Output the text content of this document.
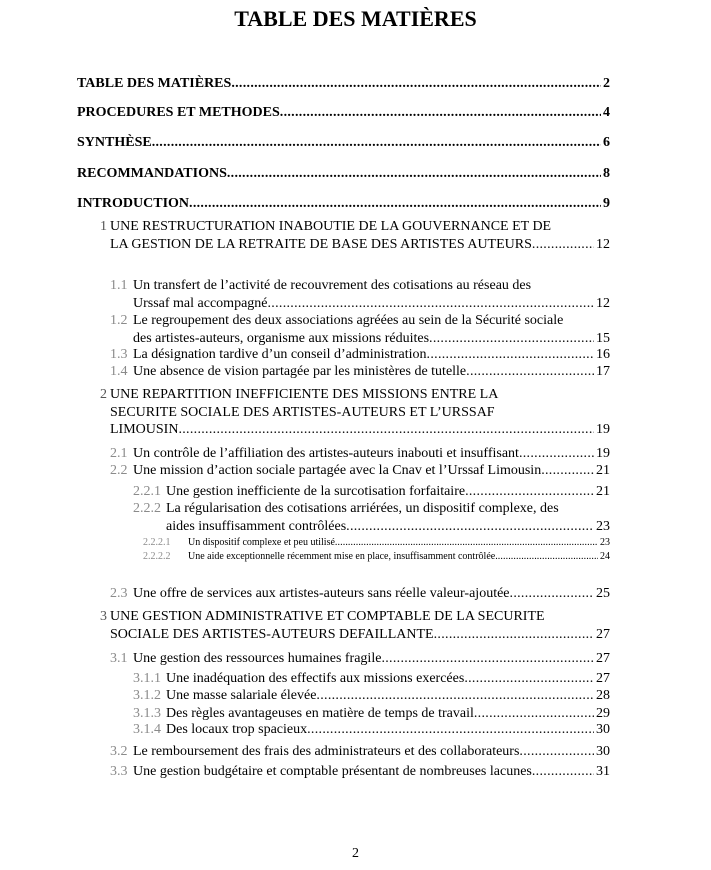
TABLE DES MATIÈRES
TABLE DES MATIÈRES	2
PROCEDURES ET METHODES	4
SYNTHÈSE	6
RECOMMANDATIONS	8
INTRODUCTION	9
1 UNE RESTRUCTURATION INABOUTIE DE LA GOUVERNANCE ET DE LA GESTION DE LA RETRAITE DE BASE DES ARTISTES AUTEURS	12
1.1 Un transfert de l’activité de recouvrement des cotisations au réseau des Urssaf mal accompagné	12
1.2 Le regroupement des deux associations agréées au sein de la Sécurité sociale des artistes-auteurs, organisme aux missions réduites	15
1.3 La désignation tardive d’un conseil d’administration	16
1.4 Une absence de vision partagée par les ministères de tutelle	17
2 UNE REPARTITION INEFFICIENTE DES MISSIONS ENTRE LA SECURITE SOCIALE DES ARTISTES-AUTEURS ET L’URSSAF LIMOUSIN	19
2.1 Un contrôle de l’affiliation des artistes-auteurs inabouti et insuffisant	19
2.2 Une mission d’action sociale partagée avec la Cnav et l’Urssaf Limousin	21
2.2.1 Une gestion inefficiente de la surcotisation forfaitaire	21
2.2.2 La régularisation des cotisations arriérées, un dispositif complexe, des aides insuffisamment contrôlées	23
2.2.2.1 Un dispositif complexe et peu utilisé	23
2.2.2.2 Une aide exceptionnelle récemment mise en place, insuffisamment contrôlée	24
2.3 Une offre de services aux artistes-auteurs sans réelle valeur-ajoutée	25
3 UNE GESTION ADMINISTRATIVE ET COMPTABLE DE LA SECURITE SOCIALE DES ARTISTES-AUTEURS DEFAILLANTE	27
3.1 Une gestion des ressources humaines fragile	27
3.1.1 Une inadéquation des effectifs aux missions exercées	27
3.1.2 Une masse salariale élevée	28
3.1.3 Des règles avantageuses en matière de temps de travail	29
3.1.4 Des locaux trop spacieux	30
3.2 Le remboursement des frais des administrateurs et des collaborateurs	30
3.3 Une gestion budgétaire et comptable présentant de nombreuses lacunes	31
2
